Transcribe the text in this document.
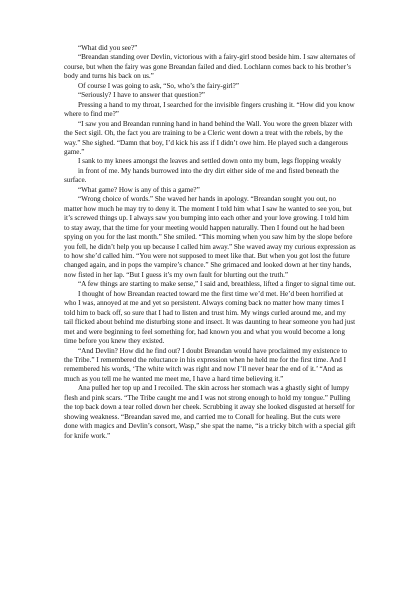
“What did you see?”

“Breandan standing over Devlin, victorious with a fairy-girl stood beside him. I saw alternates of course, but when the fairy was gone Breandan failed and died. Lochlann comes back to his brother’s body and turns his back on us.”

Of course I was going to ask, “So, who’s the fairy-girl?”

“Seriously? I have to answer that question?”

Pressing a hand to my throat, I searched for the invisible fingers crushing it. “How did you know where to find me?”

“I saw you and Breandan running hand in hand behind the Wall. You wore the green blazer with the Sect sigil. Oh, the fact you are training to be a Cleric went down a treat with the rebels, by the way.” She sighed. “Damn that boy, I’d kick his ass if I didn’t owe him. He played such a dangerous game.”

I sank to my knees amongst the leaves and settled down onto my bum, legs flopping weakly

in front of me. My hands burrowed into the dry dirt either side of me and fisted beneath the surface.

“What game? How is any of this a game?”

“Wrong choice of words.” She waved her hands in apology. “Breandan sought you out, no matter how much he may try to deny it. The moment I told him what I saw he wanted to see you, but it’s screwed things up. I always saw you bumping into each other and your love growing. I told him to stay away, that the time for your meeting would happen naturally. Then I found out he had been spying on you for the last month.” She smiled. “This morning when you saw him by the slope before you fell, he didn’t help you up because I called him away.” She waved away my curious expression as to how she’d called him. “You were not supposed to meet like that. But when you got lost the future changed again, and in pops the vampire’s chance.” She grimaced and looked down at her tiny hands, now fisted in her lap. “But I guess it’s my own fault for blurting out the truth.”

“A few things are starting to make sense,” I said and, breathless, lifted a finger to signal time out.

I thought of how Breandan reacted toward me the first time we’d met. He’d been horrified at who I was, annoyed at me and yet so persistent. Always coming back no matter how many times I told him to back off, so sure that I had to listen and trust him. My wings curled around me, and my tail flicked about behind me disturbing stone and insect. It was daunting to hear someone you had just met and were beginning to feel something for, had known you and what you would become a long time before you knew they existed.

“And Devlin? How did he find out? I doubt Breandan would have proclaimed my existence to the Tribe.” I remembered the reluctance in his expression when he held me for the first time. And I remembered his words, ‘The white witch was right and now I’ll never hear the end of it.’ “And as much as you tell me he wanted me meet me, I have a hard time believing it.”

Ana pulled her top up and I recoiled. The skin across her stomach was a ghastly sight of lumpy flesh and pink scars. “The Tribe caught me and I was not strong enough to hold my tongue.” Pulling the top back down a tear rolled down her cheek. Scrubbing it away she looked disgusted at herself for showing weakness. “Breandan saved me, and carried me to Conall for healing. But the cuts were done with magics and Devlin’s consort, Wasp,” she spat the name, “is a tricky bitch with a special gift for knife work.”
